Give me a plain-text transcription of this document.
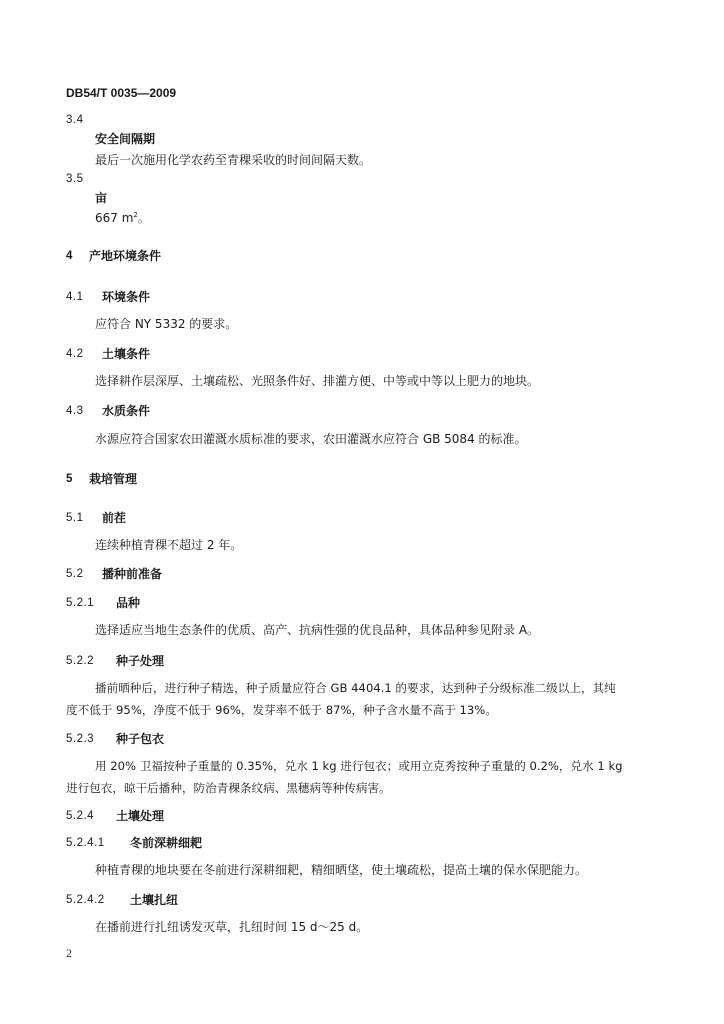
DB54/T 0035—2009
3.4
安全间隔期
最后一次施用化学农药至青稞采收的时间间隔天数。
3.5
亩
667 $m^2$。
4 产地环境条件
4.1 环境条件
应符合 NY 5332 的要求。
4.2 土壤条件
选择耕作层深厚、土壤疏松、光照条件好、排灌方便、中等或中等以上肥力的地块。
4.3 水质条件
水源应符合国家农田灌溉水质标准的要求，农田灌溉水应符合 GB 5084 的标准。
5 栽培管理
5.1 前茬
连续种植青稞不超过 2 年。
5.2 播种前准备
5.2.1 品种
选择适应当地生态条件的优质、高产、抗病性强的优良品种，具体品种参见附录 A。
5.2.2 种子处理
播前晒种后，进行种子精选，种子质量应符合 GB 4404.1 的要求，达到种子分级标准二级以上，其纯
度不低于 95%，净度不低于 96%，发芽率不低于 87%，种子含水量不高于 13%。
5.2.3 种子包衣
用 20% 卫福按种子重量的 0.35%，兑水 1 kg 进行包衣；或用立克秀按种子重量的 0.2%，兑水 1 kg
进行包衣，晾干后播种，防治青稞条纹病、黑穗病等种传病害。
5.2.4 土壤处理
5.2.4.1 冬前深耕细耙
种植青稞的地块要在冬前进行深耕细耙，精细晒垡，使土壤疏松，提高土壤的保水保肥能力。
5.2.4.2 土壤扎纽
在播前进行扎纽诱发灭草，扎纽时间 15 d～25 d。
2
